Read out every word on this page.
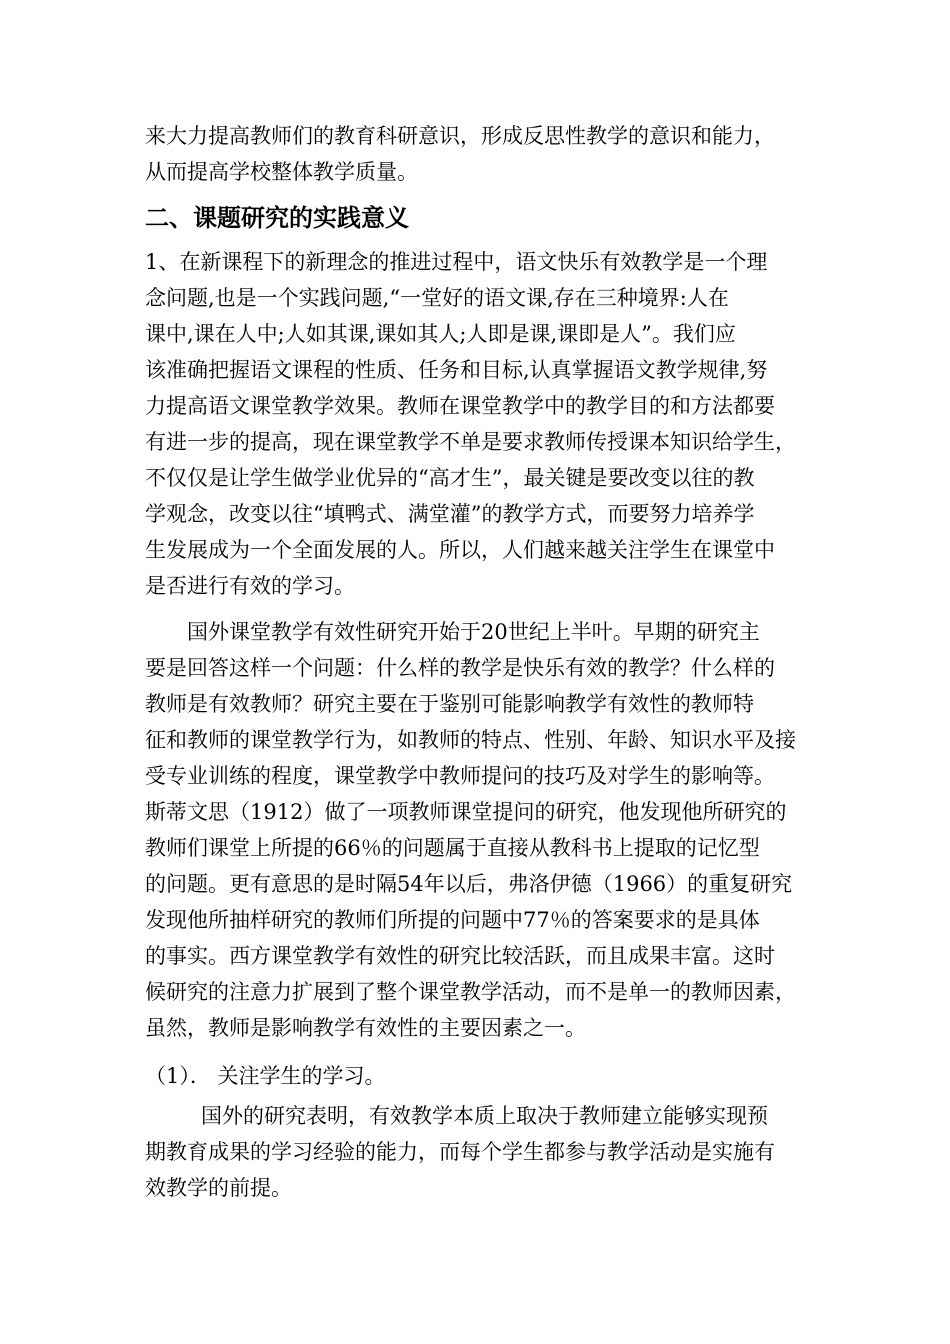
来大力提高教师们的教育科研意识，形成反思性教学的意识和能力，
从而提高学校整体教学质量。
二、课题研究的实践意义
1、在新课程下的新理念的推进过程中，语文快乐有效教学是一个理
念问题,也是一个实践问题,“一堂好的语文课,存在三种境界:人在
课中,课在人中;人如其课,课如其人;人即是课,课即是人”。我们应
该准确把握语文课程的性质、任务和目标,认真掌握语文教学规律,努
力提高语文课堂教学效果。教师在课堂教学中的教学目的和方法都要
有进一步的提高，现在课堂教学不单是要求教师传授课本知识给学生，
不仅仅是让学生做学业优异的“高才生”，最关键是要改变以往的教
学观念，改变以往“填鸭式、满堂灌”的教学方式，而要努力培养学
生发展成为一个全面发展的人。所以，人们越来越关注学生在课堂中
是否进行有效的学习。
国外课堂教学有效性研究开始于20世纪上半叶。早期的研究主
要是回答这样一个问题：什么样的教学是快乐有效的教学？什么样的
教师是有效教师？研究主要在于鉴别可能影响教学有效性的教师特
征和教师的课堂教学行为，如教师的特点、性别、年龄、知识水平及接
受专业训练的程度，课堂教学中教师提问的技巧及对学生的影响等。
斯蒂文思（1912）做了一项教师课堂提问的研究，他发现他所研究的
教师们课堂上所提的66％的问题属于直接从教科书上提取的记忆型
的问题。更有意思的是时隔54年以后，弗洛伊德（1966）的重复研究
发现他所抽样研究的教师们所提的问题中77％的答案要求的是具体
的事实。西方课堂教学有效性的研究比较活跃，而且成果丰富。这时
候研究的注意力扩展到了整个课堂教学活动，而不是单一的教师因素，
虽然，教师是影响教学有效性的主要因素之一。
（1）． 关注学生的学习。
国外的研究表明，有效教学本质上取决于教师建立能够实现预
期教育成果的学习经验的能力，而每个学生都参与教学活动是实施有
效教学的前提。
